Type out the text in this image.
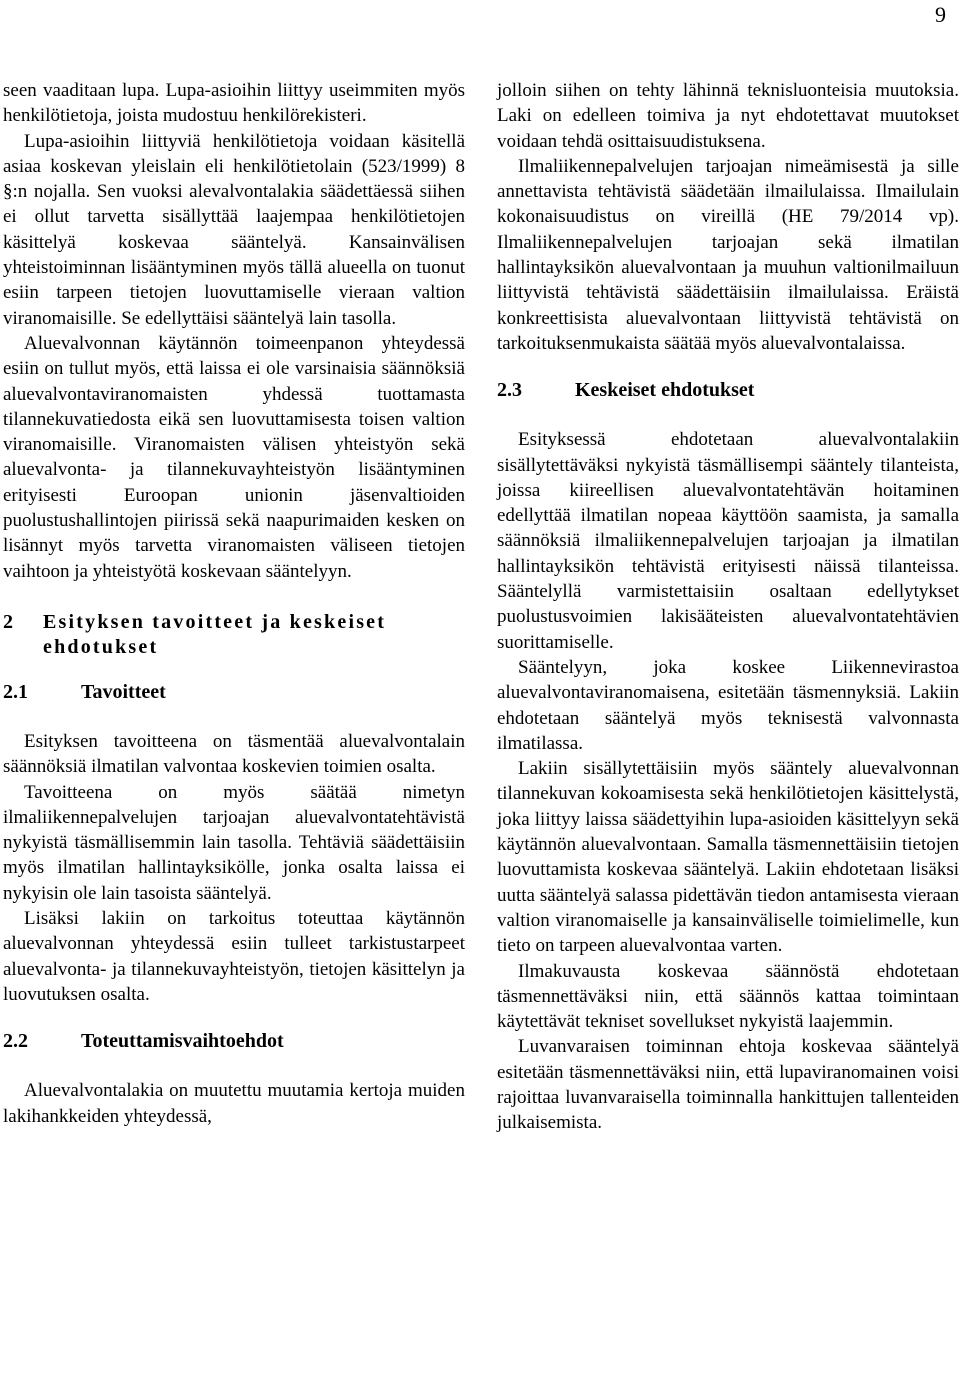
9

seen vaaditaan lupa. Lupa-asioihin liittyy useimmiten myös henkilötietoja, joista mudostuu henkilörekisteri.

Lupa-asioihin liittyviä henkilötietoja voidaan käsitellä asiaa koskevan yleislain eli henkilötietolain (523/1999) 8 §:n nojalla. Sen vuoksi alevalvontalakia säädettäessä siihen ei ollut tarvetta sisällyttää laajempaa henkilötietojen käsittelyä koskevaa sääntelyä. Kansainvälisen yhteistoiminnan lisääntyminen myös tällä alueella on tuonut esiin tarpeen tietojen luovuttamiselle vieraan valtion viranomaisille. Se edellyttäisi sääntelyä lain tasolla.

Aluevalvonnan käytännön toimeenpanon yhteydessä esiin on tullut myös, että laissa ei ole varsinaisia säännöksiä aluevalvontaviranomaisten yhdessä tuottamasta tilannekuvatiedosta eikä sen luovuttamisesta toisen valtion viranomaisille. Viranomaisten välisen yhteistyön sekä aluevalvonta- ja tilannekuvayhteistyön lisääntyminen erityisesti Euroopan unionin jäsenvaltioiden puolustushallintojen piirissä sekä naapurimaiden kesken on lisännyt myös tarvetta viranomaisten väliseen tietojen vaihtoon ja yhteistyötä koskevaan sääntelyyn.

2	Esityksen tavoitteet ja keskeiset ehdotukset
2.1	Tavoitteet

Esityksen tavoitteena on täsmentää aluevalvontalain säännöksiä ilmatilan valvontaa koskevien toimien osalta.

Tavoitteena on myös säätää nimetyn ilmaliikennepalvelujen tarjoajan aluevalvontatehtävistä nykyistä täsmällisemmin lain tasolla. Tehtäviä säädettäisiin myös ilmatilan hallintayksikölle, jonka osalta laissa ei nykyisin ole lain tasoista sääntelyä.

Lisäksi lakiin on tarkoitus toteuttaa käytännön aluevalvonnan yhteydessä esiin tulleet tarkistustarpeet aluevalvonta- ja tilannekuvayhteistyön, tietojen käsittelyn ja luovutuksen osalta.

2.2	Toteuttamisvaihtoehdot

Aluevalvontalakia on muutettu muutamia kertoja muiden lakihankkeiden yhteydessä,

jolloin siihen on tehty lähinnä teknisluonteisia muutoksia. Laki on edelleen toimiva ja nyt ehdotettavat muutokset voidaan tehdä osittaisuudistuksena.

Ilmaliikennepalvelujen tarjoajan nimeämisestä ja sille annettavista tehtävistä säädetään ilmailulaissa. Ilmailulain kokonaisuudistus on vireillä (HE 79/2014 vp). Ilmaliikennepalvelujen tarjoajan sekä ilmatilan hallintayksikön aluevalvontaan ja muuhun valtionilmailuun liittyvistä tehtävistä säädettäisiin ilmailulaissa. Eräistä konkreettisista aluevalvontaan liittyvistä tehtävistä on tarkoituksenmukaista säätää myös aluevalvontalaissa.

2.3	Keskeiset ehdotukset

Esityksessä ehdotetaan aluevalvontalakiin sisällytettäväksi nykyistä täsmällisempi sääntely tilanteista, joissa kiireellisen aluevalvontatehtävän hoitaminen edellyttää ilmatilan nopeaa käyttöön saamista, ja samalla säännöksiä ilmaliikennepalvelujen tarjoajan ja ilmatilan hallintayksikön tehtävistä erityisesti näissä tilanteissa. Sääntelyllä varmistettaisiin osaltaan edellytykset puolustusvoimien lakisääteisten aluevalvontatehtävien suorittamiselle.

Sääntelyyn, joka koskee Liikennevirastoa aluevalvontaviranomaisena, esitetään täsmennyksiä. Lakiin ehdotetaan sääntelyä myös teknisestä valvonnasta ilmatilassa.

Lakiin sisällytettäisiin myös sääntely aluevalvonnan tilannekuvan kokoamisesta sekä henkilötietojen käsittelystä, joka liittyy laissa säädettyihin lupa-asioiden käsittelyyn sekä käytännön aluevalvontaan. Samalla täsmennettäisiin tietojen luovuttamista koskevaa sääntelyä. Lakiin ehdotetaan lisäksi uutta sääntelyä salassa pidettävän tiedon antamisesta vieraan valtion viranomaiselle ja kansainväliselle toimielimelle, kun tieto on tarpeen aluevalvontaa varten.

Ilmakuvausta koskevaa säännöstä ehdotetaan täsmennettäväksi niin, että säännös kattaa toimintaan käytettävät tekniset sovellukset nykyistä laajemmin.

Luvanvaraisen toiminnan ehtoja koskevaa sääntelyä esitetään täsmennettäväksi niin, että lupaviranomainen voisi rajoittaa luvanvaraisella toiminnalla hankittujen tallenteiden julkaisemista.
